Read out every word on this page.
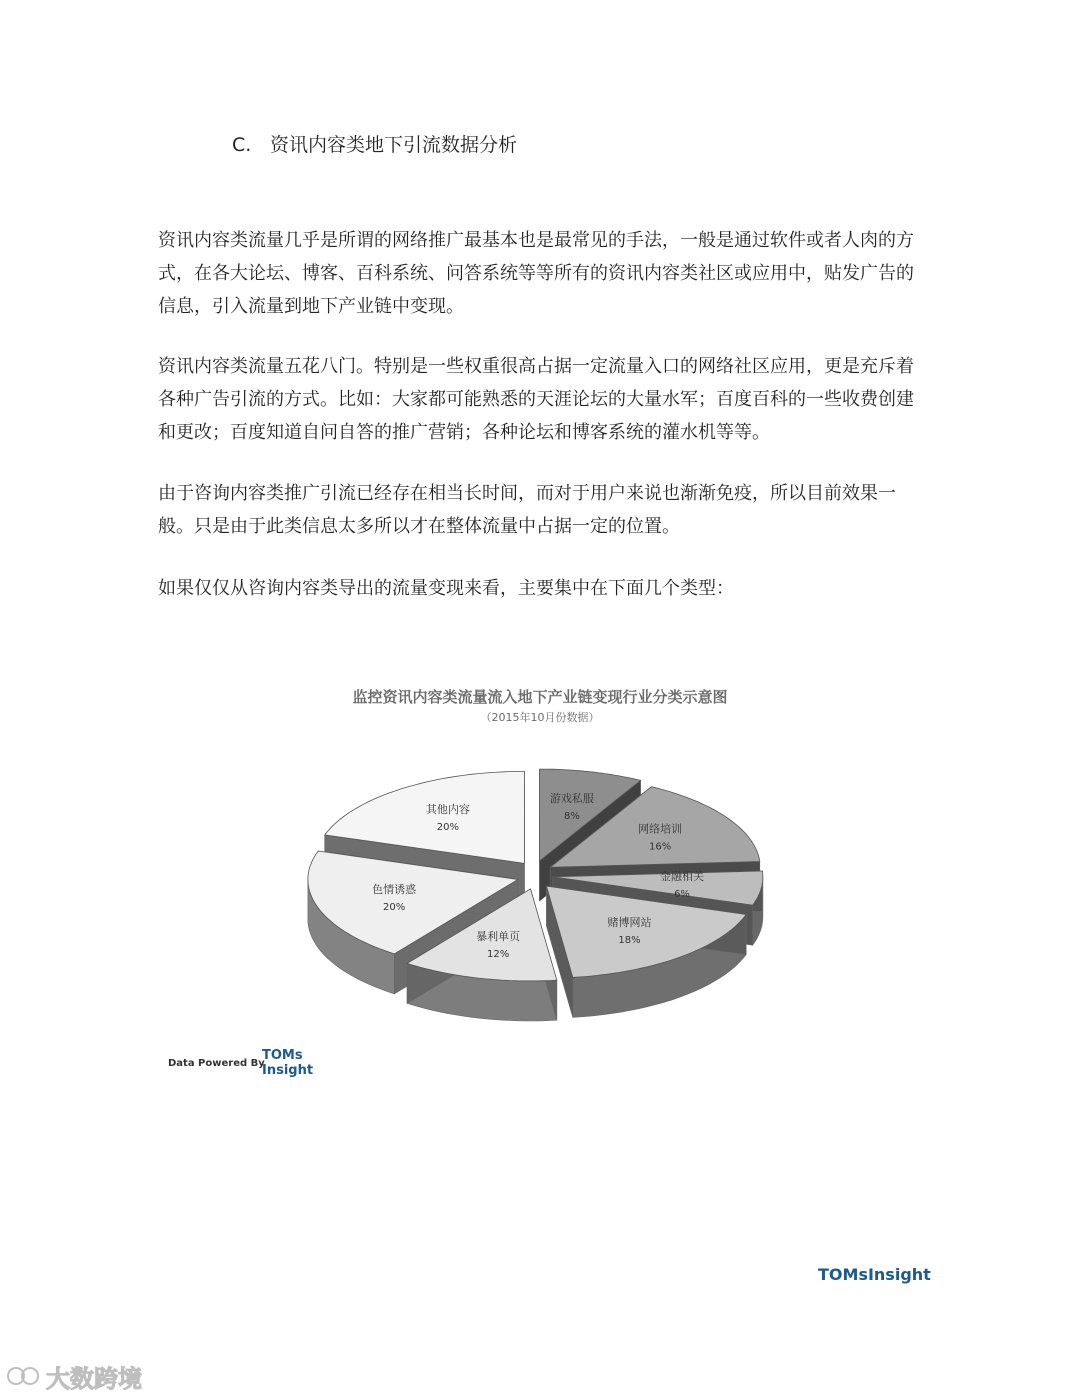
C. 资讯内容类地下引流数据分析

资讯内容类流量几乎是所谓的网络推广最基本也是最常见的手法，一般是通过软件或者人肉的方式，在各大论坛、博客、百科系统、问答系统等等所有的资讯内容类社区或应用中，贴发广告的信息，引入流量到地下产业链中变现。

资讯内容类流量五花八门。特别是一些权重很高占据一定流量入口的网络社区应用，更是充斥着各种广告引流的方式。比如：大家都可能熟悉的天涯论坛的大量水军；百度百科的一些收费创建和更改；百度知道自问自答的推广营销；各种论坛和博客系统的灌水机等等。

由于咨询内容类推广引流已经存在相当长时间，而对于用户来说也渐渐免疫，所以目前效果一般。只是由于此类信息太多所以才在整体流量中占据一定的位置。

如果仅仅从咨询内容类导出的流量变现来看，主要集中在下面几个类型：

监控资讯内容类流量流入地下产业链变现行业分类示意图
（2015年10月份数据）
游戏私服
8%
网络培训
16%
金融相关
6%
赌博网站
18%
暴利单页
12%
色情诱惑
20%
其他内容
20%
Data Powered By
TOMs
Insight
TOMsInsight
大数跨境
